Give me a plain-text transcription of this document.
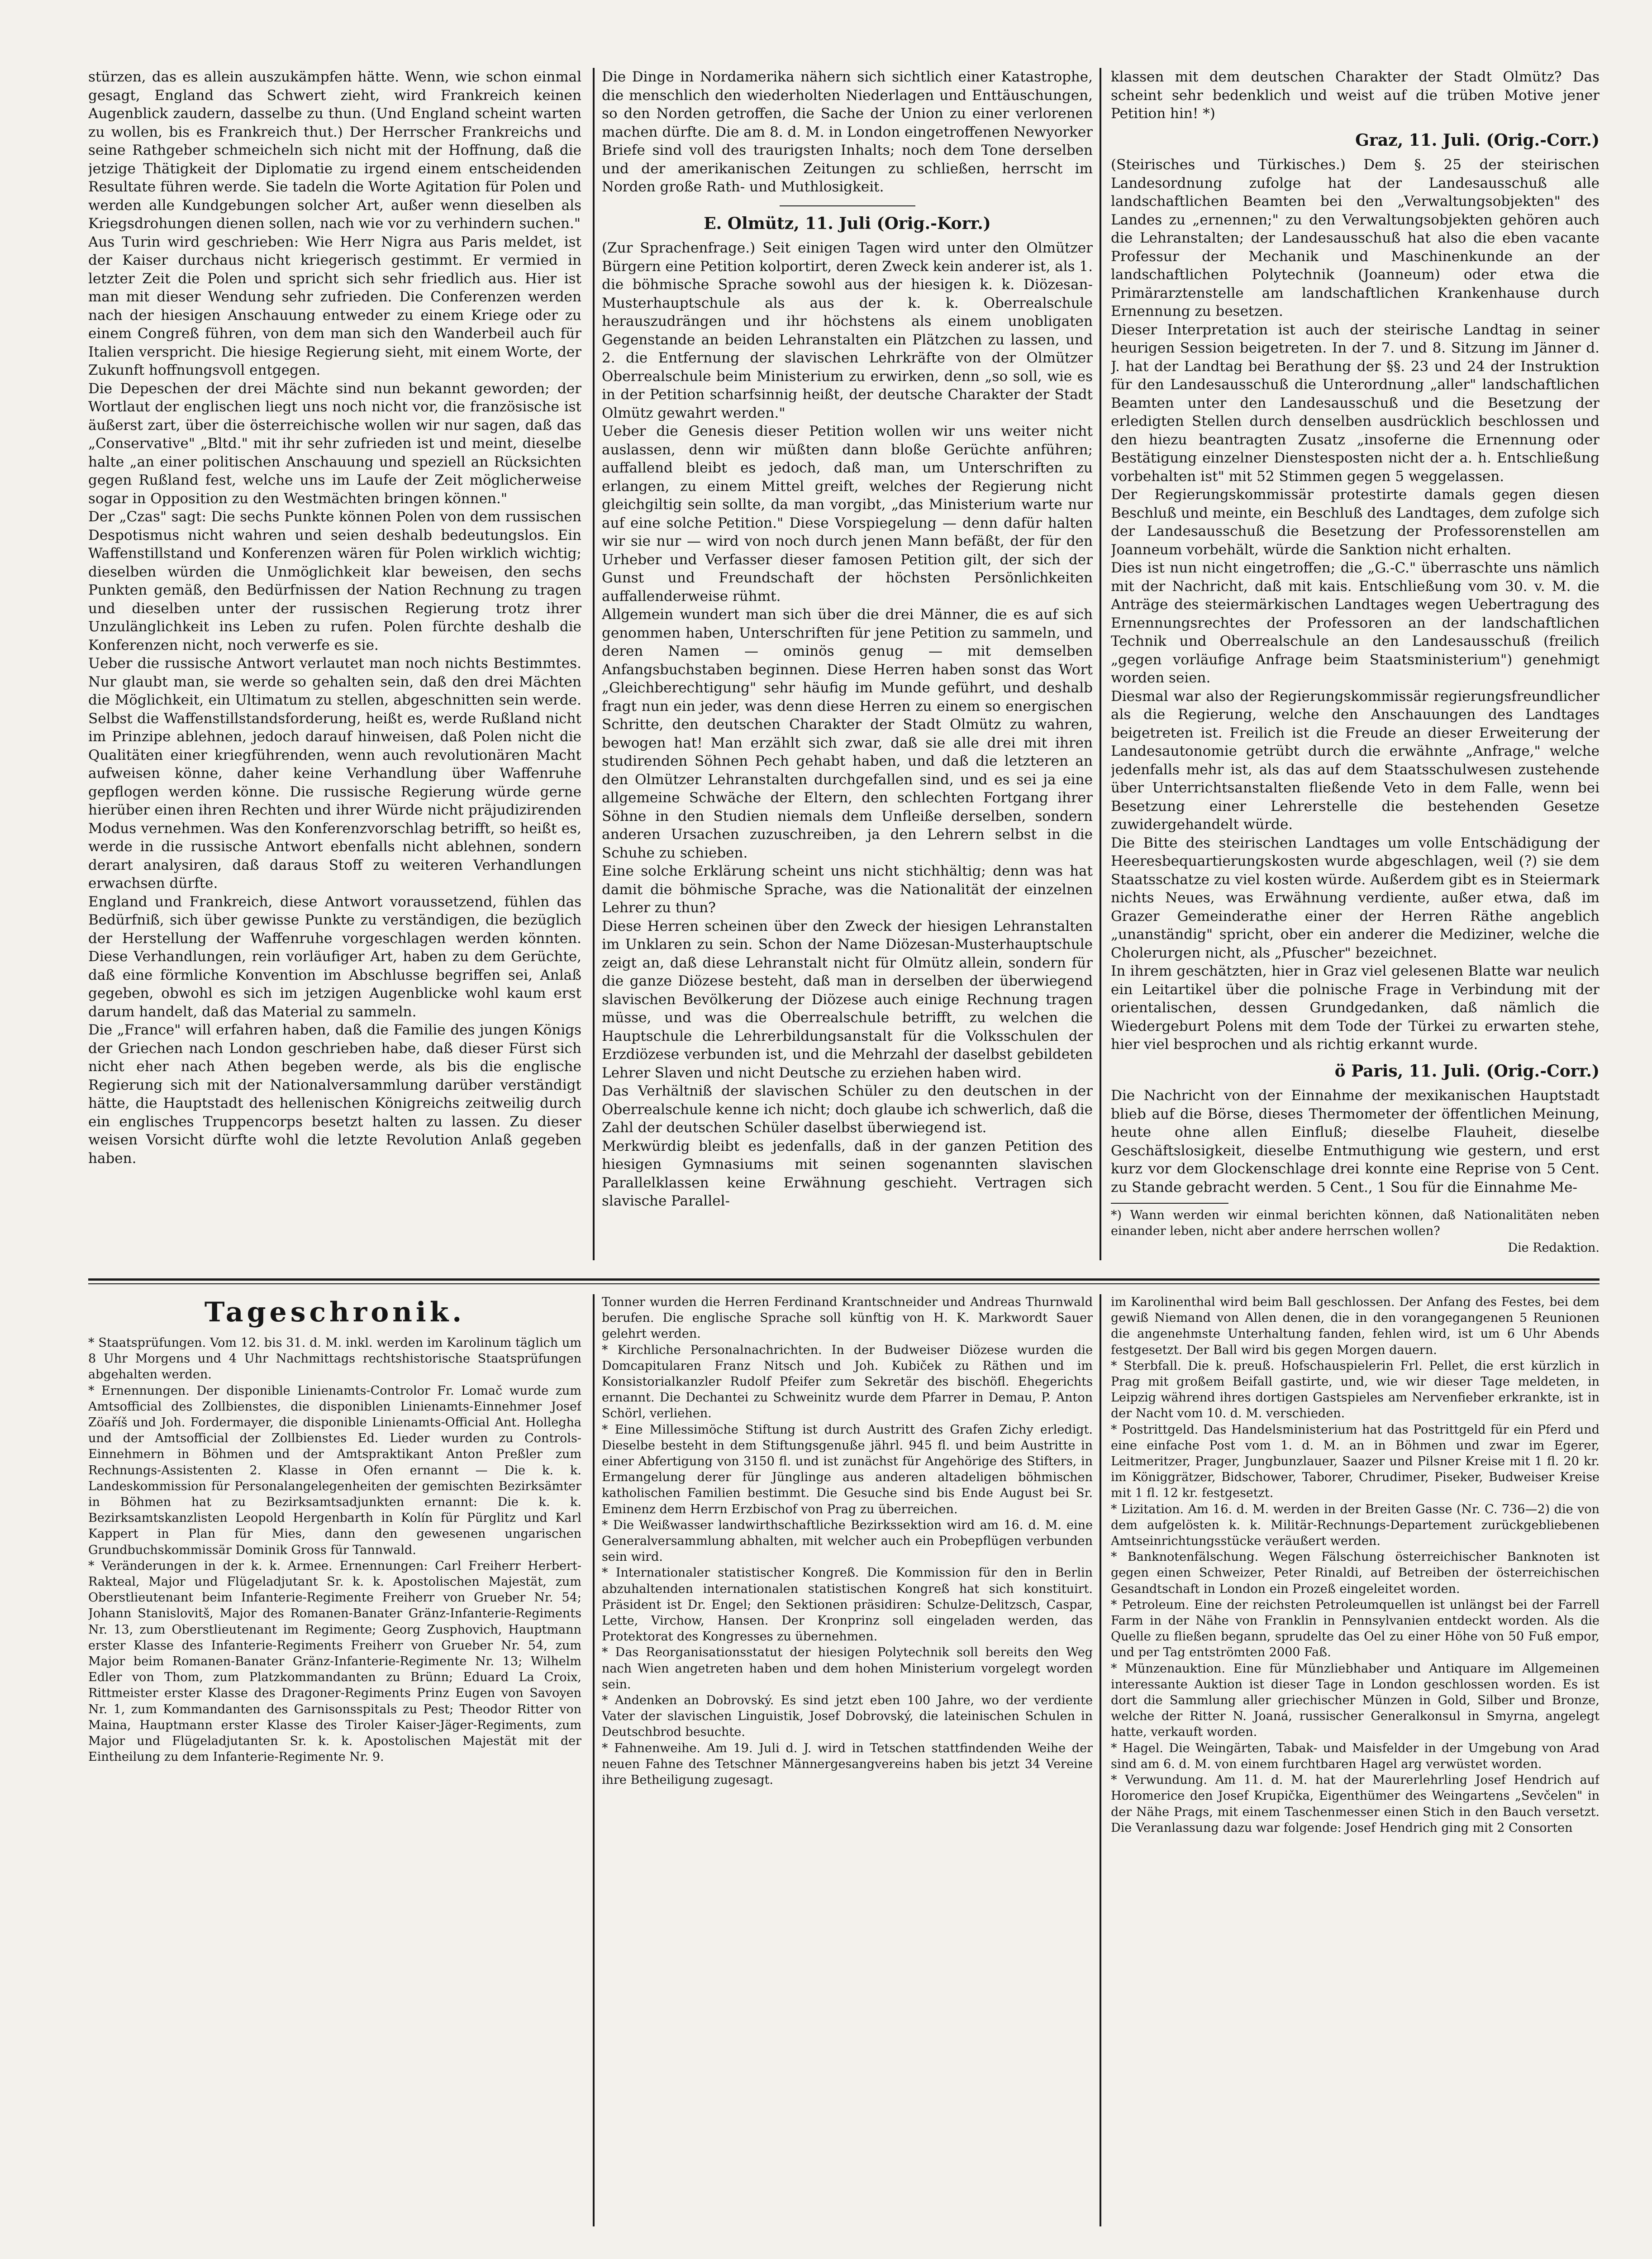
stürzen, das es allein auszukämpfen hätte. Wenn, wie schon einmal gesagt, England das Schwert zieht, wird Frankreich keinen Augenblick zaudern, dasselbe zu thun. (Und England scheint warten zu wollen, bis es Frankreich thut.) Der Herrscher Frankreichs und seine Rathgeber schmeicheln sich nicht mit der Hoffnung, daß die jetzige Thätigkeit der Diplomatie zu irgend einem entscheidenden Resultate führen werde. Sie tadeln die Worte Agitation für Polen und werden alle Kundgebungen solcher Art, außer wenn dieselben als Kriegsdrohungen dienen sollen, nach wie vor zu verhindern suchen."

Aus Turin wird geschrieben: Wie Herr Nigra aus Paris meldet, ist der Kaiser durchaus nicht kriegerisch gestimmt. Er vermied in letzter Zeit die Polen und spricht sich sehr friedlich aus. Hier ist man mit dieser Wendung sehr zufrieden. Die Conferenzen werden nach der hiesigen Anschauung entweder zu einem Kriege oder zu einem Congreß führen, von dem man sich den Wanderbeil auch für Italien verspricht. Die hiesige Regierung sieht, mit einem Worte, der Zukunft hoffnungsvoll entgegen.

Die Depeschen der drei Mächte sind nun bekannt geworden; der Wortlaut der englischen liegt uns noch nicht vor, die französische ist äußerst zart, über die österreichische wollen wir nur sagen, daß das „Conservative" „Bltd." mit ihr sehr zufrieden ist und meint, dieselbe halte „an einer politischen Anschauung und speziell an Rücksichten gegen Rußland fest, welche uns im Laufe der Zeit möglicherweise sogar in Opposition zu den Westmächten bringen können."

Der „Czas" sagt: Die sechs Punkte können Polen von dem russischen Despotismus nicht wahren und seien deshalb bedeutungslos. Ein Waffenstillstand und Konferenzen wären für Polen wirklich wichtig; dieselben würden die Unmöglichkeit klar beweisen, den sechs Punkten gemäß, den Bedürfnissen der Nation Rechnung zu tragen und dieselben unter der russischen Regierung trotz ihrer Unzulänglichkeit ins Leben zu rufen. Polen fürchte deshalb die Konferenzen nicht, noch verwerfe es sie.

Ueber die russische Antwort verlautet man noch nichts Bestimmtes. Nur glaubt man, sie werde so gehalten sein, daß den drei Mächten die Möglichkeit, ein Ultimatum zu stellen, abgeschnitten sein werde. Selbst die Waffenstillstandsforderung, heißt es, werde Rußland nicht im Prinzipe ablehnen, jedoch darauf hinweisen, daß Polen nicht die Qualitäten einer kriegführenden, wenn auch revolutionären Macht aufweisen könne, daher keine Verhandlung über Waffenruhe gepflogen werden könne. Die russische Regierung würde gerne hierüber einen ihren Rechten und ihrer Würde nicht präjudizirenden Modus vernehmen. Was den Konferenzvorschlag betrifft, so heißt es, werde in die russische Antwort ebenfalls nicht ablehnen, sondern derart analysiren, daß daraus Stoff zu weiteren Verhandlungen erwachsen dürfte.

England und Frankreich, diese Antwort voraussetzend, fühlen das Bedürfniß, sich über gewisse Punkte zu verständigen, die bezüglich der Herstellung der Waffenruhe vorgeschlagen werden könnten. Diese Verhandlungen, rein vorläufiger Art, haben zu dem Gerüchte, daß eine förmliche Konvention im Abschlusse begriffen sei, Anlaß gegeben, obwohl es sich im jetzigen Augenblicke wohl kaum erst darum handelt, daß das Material zu sammeln.

Die „France" will erfahren haben, daß die Familie des jungen Königs der Griechen nach London geschrieben habe, daß dieser Fürst sich nicht eher nach Athen begeben werde, als bis die englische Regierung sich mit der Nationalversammlung darüber verständigt hätte, die Hauptstadt des hellenischen Königreichs zeitweilig durch ein englisches Truppencorps besetzt halten zu lassen. Zu dieser weisen Vorsicht dürfte wohl die letzte Revolution Anlaß gegeben haben.

Die Dinge in Nordamerika nähern sich sichtlich einer Katastrophe, die menschlich den wiederholten Niederlagen und Enttäuschungen, so den Norden getroffen, die Sache der Union zu einer verlorenen machen dürfte. Die am 8. d. M. in London eingetroffenen Newyorker Briefe sind voll des traurigsten Inhalts; noch dem Tone derselben und der amerikanischen Zeitungen zu schließen, herrscht im Norden große Rath- und Muthlosigkeit.

E. Olmütz, 11. Juli (Orig.-Korr.)

(Zur Sprachenfrage.) Seit einigen Tagen wird unter den Olmützer Bürgern eine Petition kolportirt, deren Zweck kein anderer ist, als 1. die böhmische Sprache sowohl aus der hiesigen k. k. Diözesan-Musterhauptschule als aus der k. k. Oberrealschule herauszudrängen und ihr höchstens als einem unobligaten Gegenstande an beiden Lehranstalten ein Plätzchen zu lassen, und 2. die Entfernung der slavischen Lehrkräfte von der Olmützer Oberrealschule beim Ministerium zu erwirken, denn „so soll, wie es in der Petition scharfsinnig heißt, der deutsche Charakter der Stadt Olmütz gewahrt werden."

Ueber die Genesis dieser Petition wollen wir uns weiter nicht auslassen, denn wir müßten dann bloße Gerüchte anführen; auffallend bleibt es jedoch, daß man, um Unterschriften zu erlangen, zu einem Mittel greift, welches der Regierung nicht gleichgiltig sein sollte, da man vorgibt, „das Ministerium warte nur auf eine solche Petition." Diese Vorspiegelung — denn dafür halten wir sie nur — wird von noch durch jenen Mann befäßt, der für den Urheber und Verfasser dieser famosen Petition gilt, der sich der Gunst und Freundschaft der höchsten Persönlichkeiten auffallenderweise rühmt.

Allgemein wundert man sich über die drei Männer, die es auf sich genommen haben, Unterschriften für jene Petition zu sammeln, und deren Namen — ominös genug — mit demselben Anfangsbuchstaben beginnen. Diese Herren haben sonst das Wort „Gleichberechtigung" sehr häufig im Munde geführt, und deshalb fragt nun ein jeder, was denn diese Herren zu einem so energischen Schritte, den deutschen Charakter der Stadt Olmütz zu wahren, bewogen hat! Man erzählt sich zwar, daß sie alle drei mit ihren studirenden Söhnen Pech gehabt haben, und daß die letzteren an den Olmützer Lehranstalten durchgefallen sind, und es sei ja eine allgemeine Schwäche der Eltern, den schlechten Fortgang ihrer Söhne in den Studien niemals dem Unfleiße derselben, sondern anderen Ursachen zuzuschreiben, ja den Lehrern selbst in die Schuhe zu schieben.

Eine solche Erklärung scheint uns nicht stichhältig; denn was hat damit die böhmische Sprache, was die Nationalität der einzelnen Lehrer zu thun?

Diese Herren scheinen über den Zweck der hiesigen Lehranstalten im Unklaren zu sein. Schon der Name Diözesan-Musterhauptschule zeigt an, daß diese Lehranstalt nicht für Olmütz allein, sondern für die ganze Diözese besteht, daß man in derselben der überwiegend slavischen Bevölkerung der Diözese auch einige Rechnung tragen müsse, und was die Oberrealschule betrifft, zu welchen die Hauptschule die Lehrerbildungsanstalt für die Volksschulen der Erzdiözese verbunden ist, und die Mehrzahl der daselbst gebildeten Lehrer Slaven und nicht Deutsche zu erziehen haben wird.

Das Verhältniß der slavischen Schüler zu den deutschen in der Oberrealschule kenne ich nicht; doch glaube ich schwerlich, daß die Zahl der deutschen Schüler daselbst überwiegend ist.

Merkwürdig bleibt es jedenfalls, daß in der ganzen Petition des hiesigen Gymnasiums mit seinen sogenannten slavischen Parallelklassen keine Erwähnung geschieht. Vertragen sich slavische Parallel-

klassen mit dem deutschen Charakter der Stadt Olmütz? Das scheint sehr bedenklich und weist auf die trüben Motive jener Petition hin! *)

Graz, 11. Juli. (Orig.-Corr.)

(Steirisches und Türkisches.) Dem §. 25 der steirischen Landesordnung zufolge hat der Landesausschuß alle landschaftlichen Beamten bei den „Verwaltungsobjekten" des Landes zu „ernennen;" zu den Verwaltungsobjekten gehören auch die Lehranstalten; der Landesausschuß hat also die eben vacante Professur der Mechanik und Maschinenkunde an der landschaftlichen Polytechnik (Joanneum) oder etwa die Primärarztenstelle am landschaftlichen Krankenhause durch Ernennung zu besetzen.

Dieser Interpretation ist auch der steirische Landtag in seiner heurigen Session beigetreten. In der 7. und 8. Sitzung im Jänner d. J. hat der Landtag bei Berathung der §§. 23 und 24 der Instruktion für den Landesausschuß die Unterordnung „aller" landschaftlichen Beamten unter den Landesausschuß und die Besetzung der erledigten Stellen durch denselben ausdrücklich beschlossen und den hiezu beantragten Zusatz „insoferne die Ernennung oder Bestätigung einzelner Dienstesposten nicht der a. h. Entschließung vorbehalten ist" mit 52 Stimmen gegen 5 weggelassen.

Der Regierungskommissär protestirte damals gegen diesen Beschluß und meinte, ein Beschluß des Landtages, dem zufolge sich der Landesausschuß die Besetzung der Professorenstellen am Joanneum vorbehält, würde die Sanktion nicht erhalten.

Dies ist nun nicht eingetroffen; die „G.-C." überraschte uns nämlich mit der Nachricht, daß mit kais. Entschließung vom 30. v. M. die Anträge des steiermärkischen Landtages wegen Uebertragung des Ernennungsrechtes der Professoren an der landschaftlichen Technik und Oberrealschule an den Landesausschuß (freilich „gegen vorläufige Anfrage beim Staatsministerium") genehmigt worden seien.

Diesmal war also der Regierungskommissär regierungsfreundlicher als die Regierung, welche den Anschauungen des Landtages beigetreten ist. Freilich ist die Freude an dieser Erweiterung der Landesautonomie getrübt durch die erwähnte „Anfrage," welche jedenfalls mehr ist, als das auf dem Staatsschulwesen zustehende über Unterrichtsanstalten fließende Veto in dem Falle, wenn bei Besetzung einer Lehrerstelle die bestehenden Gesetze zuwidergehandelt würde.

Die Bitte des steirischen Landtages um volle Entschädigung der Heeresbequartierungskosten wurde abgeschlagen, weil (?) sie dem Staatsschatze zu viel kosten würde. Außerdem gibt es in Steiermark nichts Neues, was Erwähnung verdiente, außer etwa, daß im Grazer Gemeinderathe einer der Herren Räthe angeblich „unanständig" spricht, ober ein anderer die Mediziner, welche die Cholerurgen nicht, als „Pfuscher" bezeichnet.

In ihrem geschätzten, hier in Graz viel gelesenen Blatte war neulich ein Leitartikel über die polnische Frage in Verbindung mit der orientalischen, dessen Grundgedanken, daß nämlich die Wiedergeburt Polens mit dem Tode der Türkei zu erwarten stehe, hier viel besprochen und als richtig erkannt wurde.

ö Paris, 11. Juli. (Orig.-Corr.)

Die Nachricht von der Einnahme der mexikanischen Hauptstadt blieb auf die Börse, dieses Thermometer der öffentlichen Meinung, heute ohne allen Einfluß; dieselbe Flauheit, dieselbe Geschäftslosigkeit, dieselbe Entmuthigung wie gestern, und erst kurz vor dem Glockenschlage drei konnte eine Reprise von 5 Cent. zu Stande gebracht werden. 5 Cent., 1 Sou für die Einnahme Me-

*) Wann werden wir einmal berichten können, daß Nationalitäten neben einander leben, nicht aber andere herrschen wollen?

Die Redaktion.

Tageschronik.

* Staatsprüfungen. Vom 12. bis 31. d. M. inkl. werden im Karolinum täglich um 8 Uhr Morgens und 4 Uhr Nachmittags rechtshistorische Staatsprüfungen abgehalten werden.

* Ernennungen. Der disponible Linienamts-Controlor Fr. Lomač wurde zum Amtsofficial des Zollbienstes, die disponiblen Linienamts-Einnehmer Josef Zöaříš und Joh. Fordermayer, die disponible Linienamts-Official Ant. Hollegha und der Amtsofficial der Zollbienstes Ed. Lieder wurden zu Controls-Einnehmern in Böhmen und der Amtspraktikant Anton Preßler zum Rechnungs-Assistenten 2. Klasse in Ofen ernannt — Die k. k. Landeskommission für Personalangelegenheiten der gemischten Bezirksämter in Böhmen hat zu Bezirksamtsadjunkten ernannt: Die k. k. Bezirksamtskanzlisten Leopold Hergenbarth in Kolín für Pürglitz und Karl Kappert in Plan für Mies, dann den gewesenen ungarischen Grundbuchskommissär Dominik Gross für Tannwald.

* Veränderungen in der k. k. Armee. Ernennungen: Carl Freiherr Herbert-Rakteal, Major und Flügeladjutant Sr. k. k. Apostolischen Majestät, zum Oberstlieutenant beim Infanterie-Regimente Freiherr von Grueber Nr. 54; Johann Stanislovitš, Major des Romanen-Banater Gränz-Infanterie-Regiments Nr. 13, zum Oberstlieutenant im Regimente; Georg Zusphovich, Hauptmann erster Klasse des Infanterie-Regiments Freiherr von Grueber Nr. 54, zum Major beim Romanen-Banater Gränz-Infanterie-Regimente Nr. 13; Wilhelm Edler von Thom, zum Platzkommandanten zu Brünn; Eduard La Croix, Rittmeister erster Klasse des Dragoner-Regiments Prinz Eugen von Savoyen Nr. 1, zum Kommandanten des Garnisonsspitals zu Pest; Theodor Ritter von Maina, Hauptmann erster Klasse des Tiroler Kaiser-Jäger-Regiments, zum Major und Flügeladjutanten Sr. k. k. Apostolischen Majestät mit der Eintheilung zu dem Infanterie-Regimente Nr. 9.

Tonner wurden die Herren Ferdinand Krantschneider und Andreas Thurnwald berufen. Die englische Sprache soll künftig von H. K. Markwordt Sauer gelehrt werden.

* Kirchliche Personalnachrichten. In der Budweiser Diözese wurden die Domcapitularen Franz Nitsch und Joh. Kubiček zu Räthen und im Konsistorialkanzler Rudolf Pfeifer zum Sekretär des bischöfl. Ehegerichts ernannt. Die Dechantei zu Schweinitz wurde dem Pfarrer in Demau, P. Anton Schörl, verliehen.

* Eine Millessimöche Stiftung ist durch Austritt des Grafen Zichy erledigt. Dieselbe besteht in dem Stiftungsgenuße jährl. 945 fl. und beim Austritte in einer Abfertigung von 3150 fl. und ist zunächst für Angehörige des Stifters, in Ermangelung derer für Jünglinge aus anderen altadeligen böhmischen katholischen Familien bestimmt. Die Gesuche sind bis Ende August bei Sr. Eminenz dem Herrn Erzbischof von Prag zu überreichen.

* Die Weißwasser landwirthschaftliche Bezirkssektion wird am 16. d. M. eine Generalversammlung abhalten, mit welcher auch ein Probepflügen verbunden sein wird.

* Internationaler statistischer Kongreß. Die Kommission für den in Berlin abzuhaltenden internationalen statistischen Kongreß hat sich konstituirt. Präsident ist Dr. Engel; den Sektionen präsidiren: Schulze-Delitzsch, Caspar, Lette, Virchow, Hansen. Der Kronprinz soll eingeladen werden, das Protektorat des Kongresses zu übernehmen.

* Das Reorganisationsstatut der hiesigen Polytechnik soll bereits den Weg nach Wien angetreten haben und dem hohen Ministerium vorgelegt worden sein.

* Andenken an Dobrovský. Es sind jetzt eben 100 Jahre, wo der verdiente Vater der slavischen Linguistik, Josef Dobrovský, die lateinischen Schulen in Deutschbrod besuchte.

* Fahnenweihe. Am 19. Juli d. J. wird in Tetschen stattfindenden Weihe der neuen Fahne des Tetschner Männergesangvereins haben bis jetzt 34 Vereine ihre Betheiligung zugesagt.

im Karolinenthal wird beim Ball geschlossen. Der Anfang des Festes, bei dem gewiß Niemand von Allen denen, die in den vorangegangenen 5 Reunionen die angenehmste Unterhaltung fanden, fehlen wird, ist um 6 Uhr Abends festgesetzt. Der Ball wird bis gegen Morgen dauern.

* Sterbfall. Die k. preuß. Hofschauspielerin Frl. Pellet, die erst kürzlich in Prag mit großem Beifall gastirte, und, wie wir dieser Tage meldeten, in Leipzig während ihres dortigen Gastspieles am Nervenfieber erkrankte, ist in der Nacht vom 10. d. M. verschieden.

* Postrittgeld. Das Handelsministerium hat das Postrittgeld für ein Pferd und eine einfache Post vom 1. d. M. an in Böhmen und zwar im Egerer, Leitmeritzer, Prager, Jungbunzlauer, Saazer und Pilsner Kreise mit 1 fl. 20 kr. im Königgrätzer, Bidschower, Taborer, Chrudimer, Piseker, Budweiser Kreise mit 1 fl. 12 kr. festgesetzt.

* Lizitation. Am 16. d. M. werden in der Breiten Gasse (Nr. C. 736—2) die von dem aufgelösten k. k. Militär-Rechnungs-Departement zurückgebliebenen Amtseinrichtungsstücke veräußert werden.

* Banknotenfälschung. Wegen Fälschung österreichischer Banknoten ist gegen einen Schweizer, Peter Rinaldi, auf Betreiben der österreichischen Gesandtschaft in London ein Prozeß eingeleitet worden.

* Petroleum. Eine der reichsten Petroleumquellen ist unlängst bei der Farrell Farm in der Nähe von Franklin in Pennsylvanien entdeckt worden. Als die Quelle zu fließen begann, sprudelte das Oel zu einer Höhe von 50 Fuß empor, und per Tag entströmten 2000 Faß.

* Münzenauktion. Eine für Münzliebhaber und Antiquare im Allgemeinen interessante Auktion ist dieser Tage in London geschlossen worden. Es ist dort die Sammlung aller griechischer Münzen in Gold, Silber und Bronze, welche der Ritter N. Joaná, russischer Generalkonsul in Smyrna, angelegt hatte, verkauft worden.

* Hagel. Die Weingärten, Tabak- und Maisfelder in der Umgebung von Arad sind am 6. d. M. von einem furchtbaren Hagel arg verwüstet worden.

* Verwundung. Am 11. d. M. hat der Maurerlehrling Josef Hendrich auf Horomerice den Josef Krupička, Eigenthümer des Weingartens „Sevčelen" in der Nähe Prags, mit einem Taschenmesser einen Stich in den Bauch versetzt. Die Veranlassung dazu war folgende: Josef Hendrich ging mit 2 Consorten
